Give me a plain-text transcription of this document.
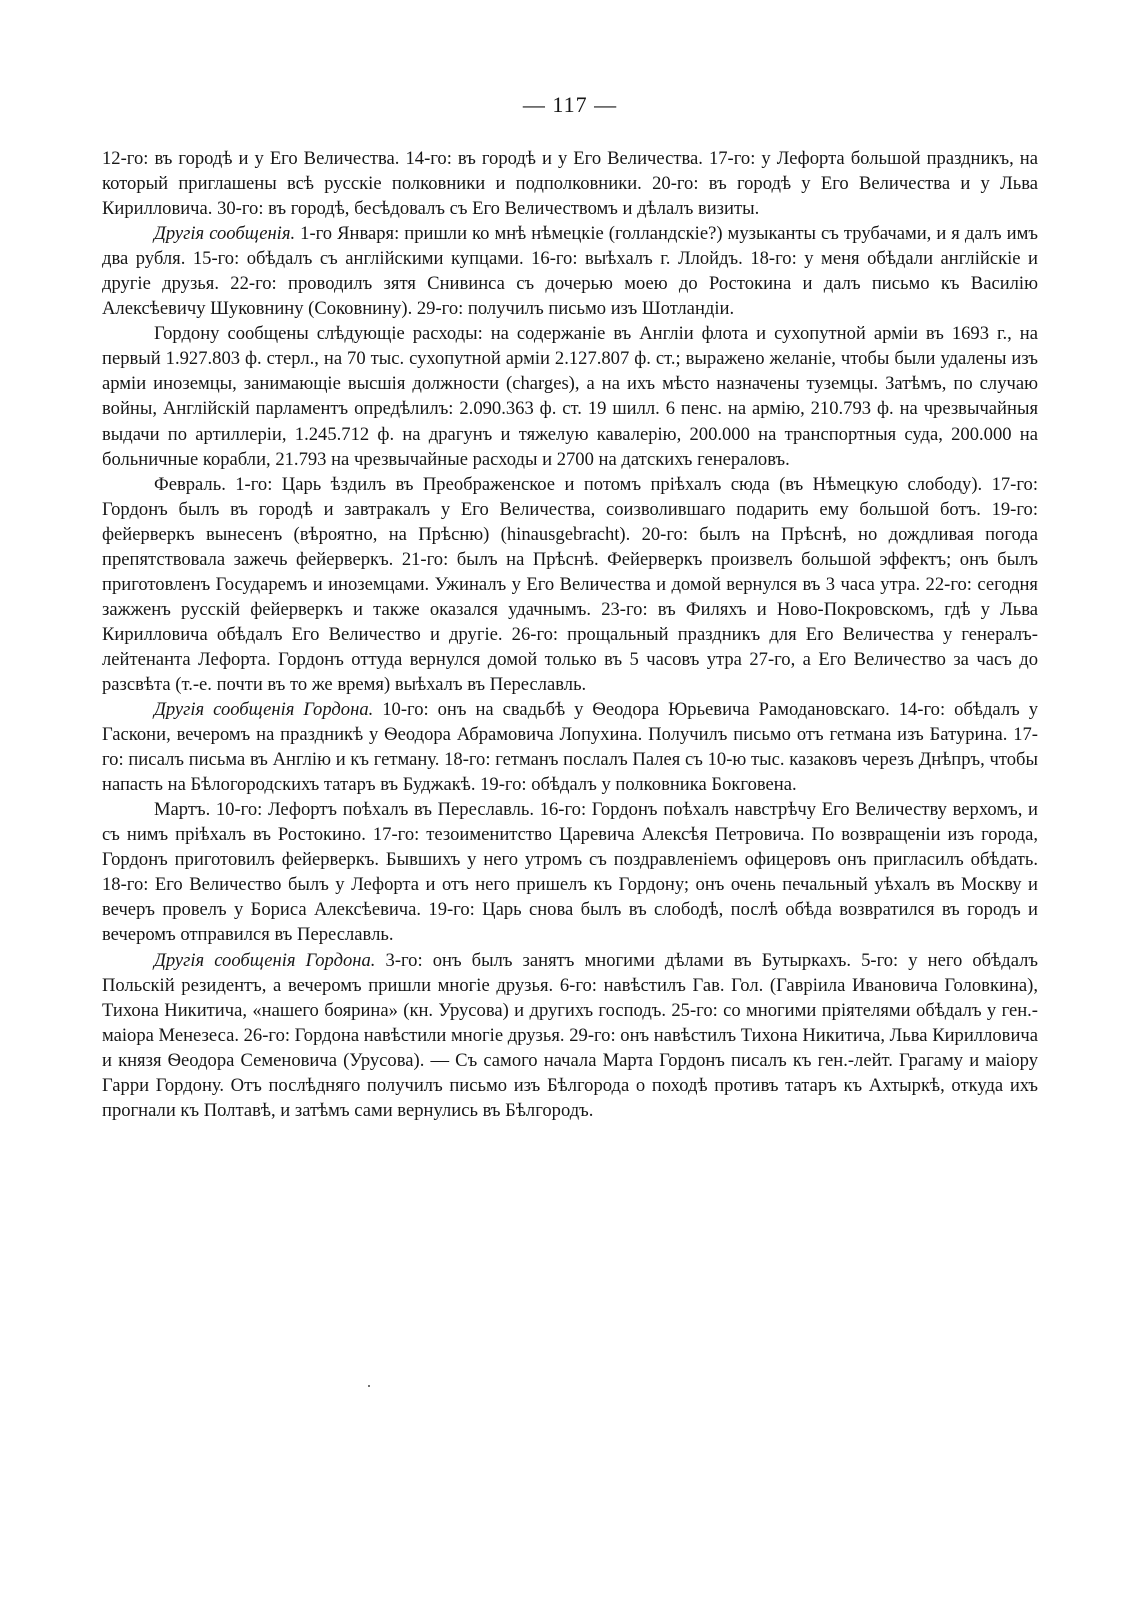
— 117 —

12-го: въ городѣ и у Его Величества. 14-го: въ городѣ и у Его Величества. 17-го: у Лефорта большой праздникъ, на который приглашены всѣ русскіе полковники и подполковники. 20-го: въ городѣ у Его Величества и у Льва Кирилловича. 30-го: въ городѣ, бесѣдовалъ съ Его Величествомъ и дѣлалъ визиты.

Другія сообщенія. 1-го Января: пришли ко мнѣ нѣмецкіе (голландскіе?) музыканты съ трубачами, и я далъ имъ два рубля. 15-го: обѣдалъ съ англійскими купцами. 16-го: выѣхалъ г. Ллойдъ. 18-го: у меня обѣдали англійскіе и другіе друзья. 22-го: проводилъ зятя Снивинса съ дочерью моею до Ростокина и далъ письмо къ Василію Алексѣевичу Шуковнину (Соковнину). 29-го: получилъ письмо изъ Шотландіи.

Гордону сообщены слѣдующіе расходы: на содержаніе въ Англіи флота и сухопутной арміи въ 1693 г., на первый 1.927.803 ф. стерл., на 70 тыс. сухопутной арміи 2.127.807 ф. ст.; выражено желаніе, чтобы были удалены изъ арміи иноземцы, занимающіе высшія должности (charges), а на ихъ мѣсто назначены туземцы. Затѣмъ, по случаю войны, Англійскій парламентъ опредѣлилъ: 2.090.363 ф. ст. 19 шилл. 6 пенс. на армію, 210.793 ф. на чрезвычайныя выдачи по артиллеріи, 1.245.712 ф. на драгунъ и тяжелую кавалерію, 200.000 на транспортныя суда, 200.000 на больничные корабли, 21.793 на чрезвычайные расходы и 2700 на датскихъ генераловъ.

Февраль. 1-го: Царь ѣздилъ въ Преображенское и потомъ пріѣхалъ сюда (въ Нѣмецкую слободу). 17-го: Гордонъ былъ въ городѣ и завтракалъ у Его Величества, соизволившаго подарить ему большой ботъ. 19-го: фейерверкъ вынесенъ (вѣроятно, на Прѣсню) (hinausgebracht). 20-го: былъ на Прѣснѣ, но дождливая погода препятствовала зажечь фейерверкъ. 21-го: былъ на Прѣснѣ. Фейерверкъ произвелъ большой эффектъ; онъ былъ приготовленъ Государемъ и иноземцами. Ужиналъ у Его Величества и домой вернулся въ 3 часа утра. 22-го: сегодня зажженъ русскій фейерверкъ и также оказался удачнымъ. 23-го: въ Филяхъ и Ново-Покровскомъ, гдѣ у Льва Кирилловича обѣдалъ Его Величество и другіе. 26-го: прощальный праздникъ для Его Величества у генералъ-лейтенанта Лефорта. Гордонъ оттуда вернулся домой только въ 5 часовъ утра 27-го, а Его Величество за часъ до разсвѣта (т.-е. почти въ то же время) выѣхалъ въ Переславль.

Другія сообщенія Гордона. 10-го: онъ на свадьбѣ у Ѳеодора Юрьевича Рамодановскаго. 14-го: обѣдалъ у Гаскони, вечеромъ на праздникѣ у Ѳеодора Абрамовича Лопухина. Получилъ письмо отъ гетмана изъ Батурина. 17-го: писалъ письма въ Англію и къ гетману. 18-го: гетманъ послалъ Палея съ 10-ю тыс. казаковъ черезъ Днѣпръ, чтобы напасть на Бѣлогородскихъ татаръ въ Буджакѣ. 19-го: обѣдалъ у полковника Бокговена.

Мартъ. 10-го: Лефортъ поѣхалъ въ Переславль. 16-го: Гордонъ поѣхалъ навстрѣчу Его Величеству верхомъ, и съ нимъ пріѣхалъ въ Ростокино. 17-го: тезоименитство Царевича Алексѣя Петровича. По возвращеніи изъ города, Гордонъ приготовилъ фейерверкъ. Бывшихъ у него утромъ съ поздравленіемъ офицеровъ онъ пригласилъ обѣдать. 18-го: Его Величество былъ у Лефорта и отъ него пришелъ къ Гордону; онъ очень печальный уѣхалъ въ Москву и вечеръ провелъ у Бориса Алексѣевича. 19-го: Царь снова былъ въ слободѣ, послѣ обѣда возвратился въ городъ и вечеромъ отправился въ Переславль.

Другія сообщенія Гордона. 3-го: онъ былъ занятъ многими дѣлами въ Бутыркахъ. 5-го: у него обѣдалъ Польскій резидентъ, а вечеромъ пришли многіе друзья. 6-го: навѣстилъ Гав. Гол. (Гавріила Ивановича Головкина), Тихона Никитича, «нашего боярина» (кн. Урусова) и другихъ господъ. 25-го: со многими пріятелями обѣдалъ у ген.-маіора Менезеса. 26-го: Гордона навѣстили многіе друзья. 29-го: онъ навѣстилъ Тихона Никитича, Льва Кирилловича и князя Ѳеодора Семеновича (Урусова). — Съ самого начала Марта Гордонъ писалъ къ ген.-лейт. Грагаму и маіору Гарри Гордону. Отъ послѣдняго получилъ письмо изъ Бѣлгорода о походѣ противъ татаръ къ Ахтыркѣ, откуда ихъ прогнали къ Полтавѣ, и затѣмъ сами вернулись въ Бѣлгородъ.
